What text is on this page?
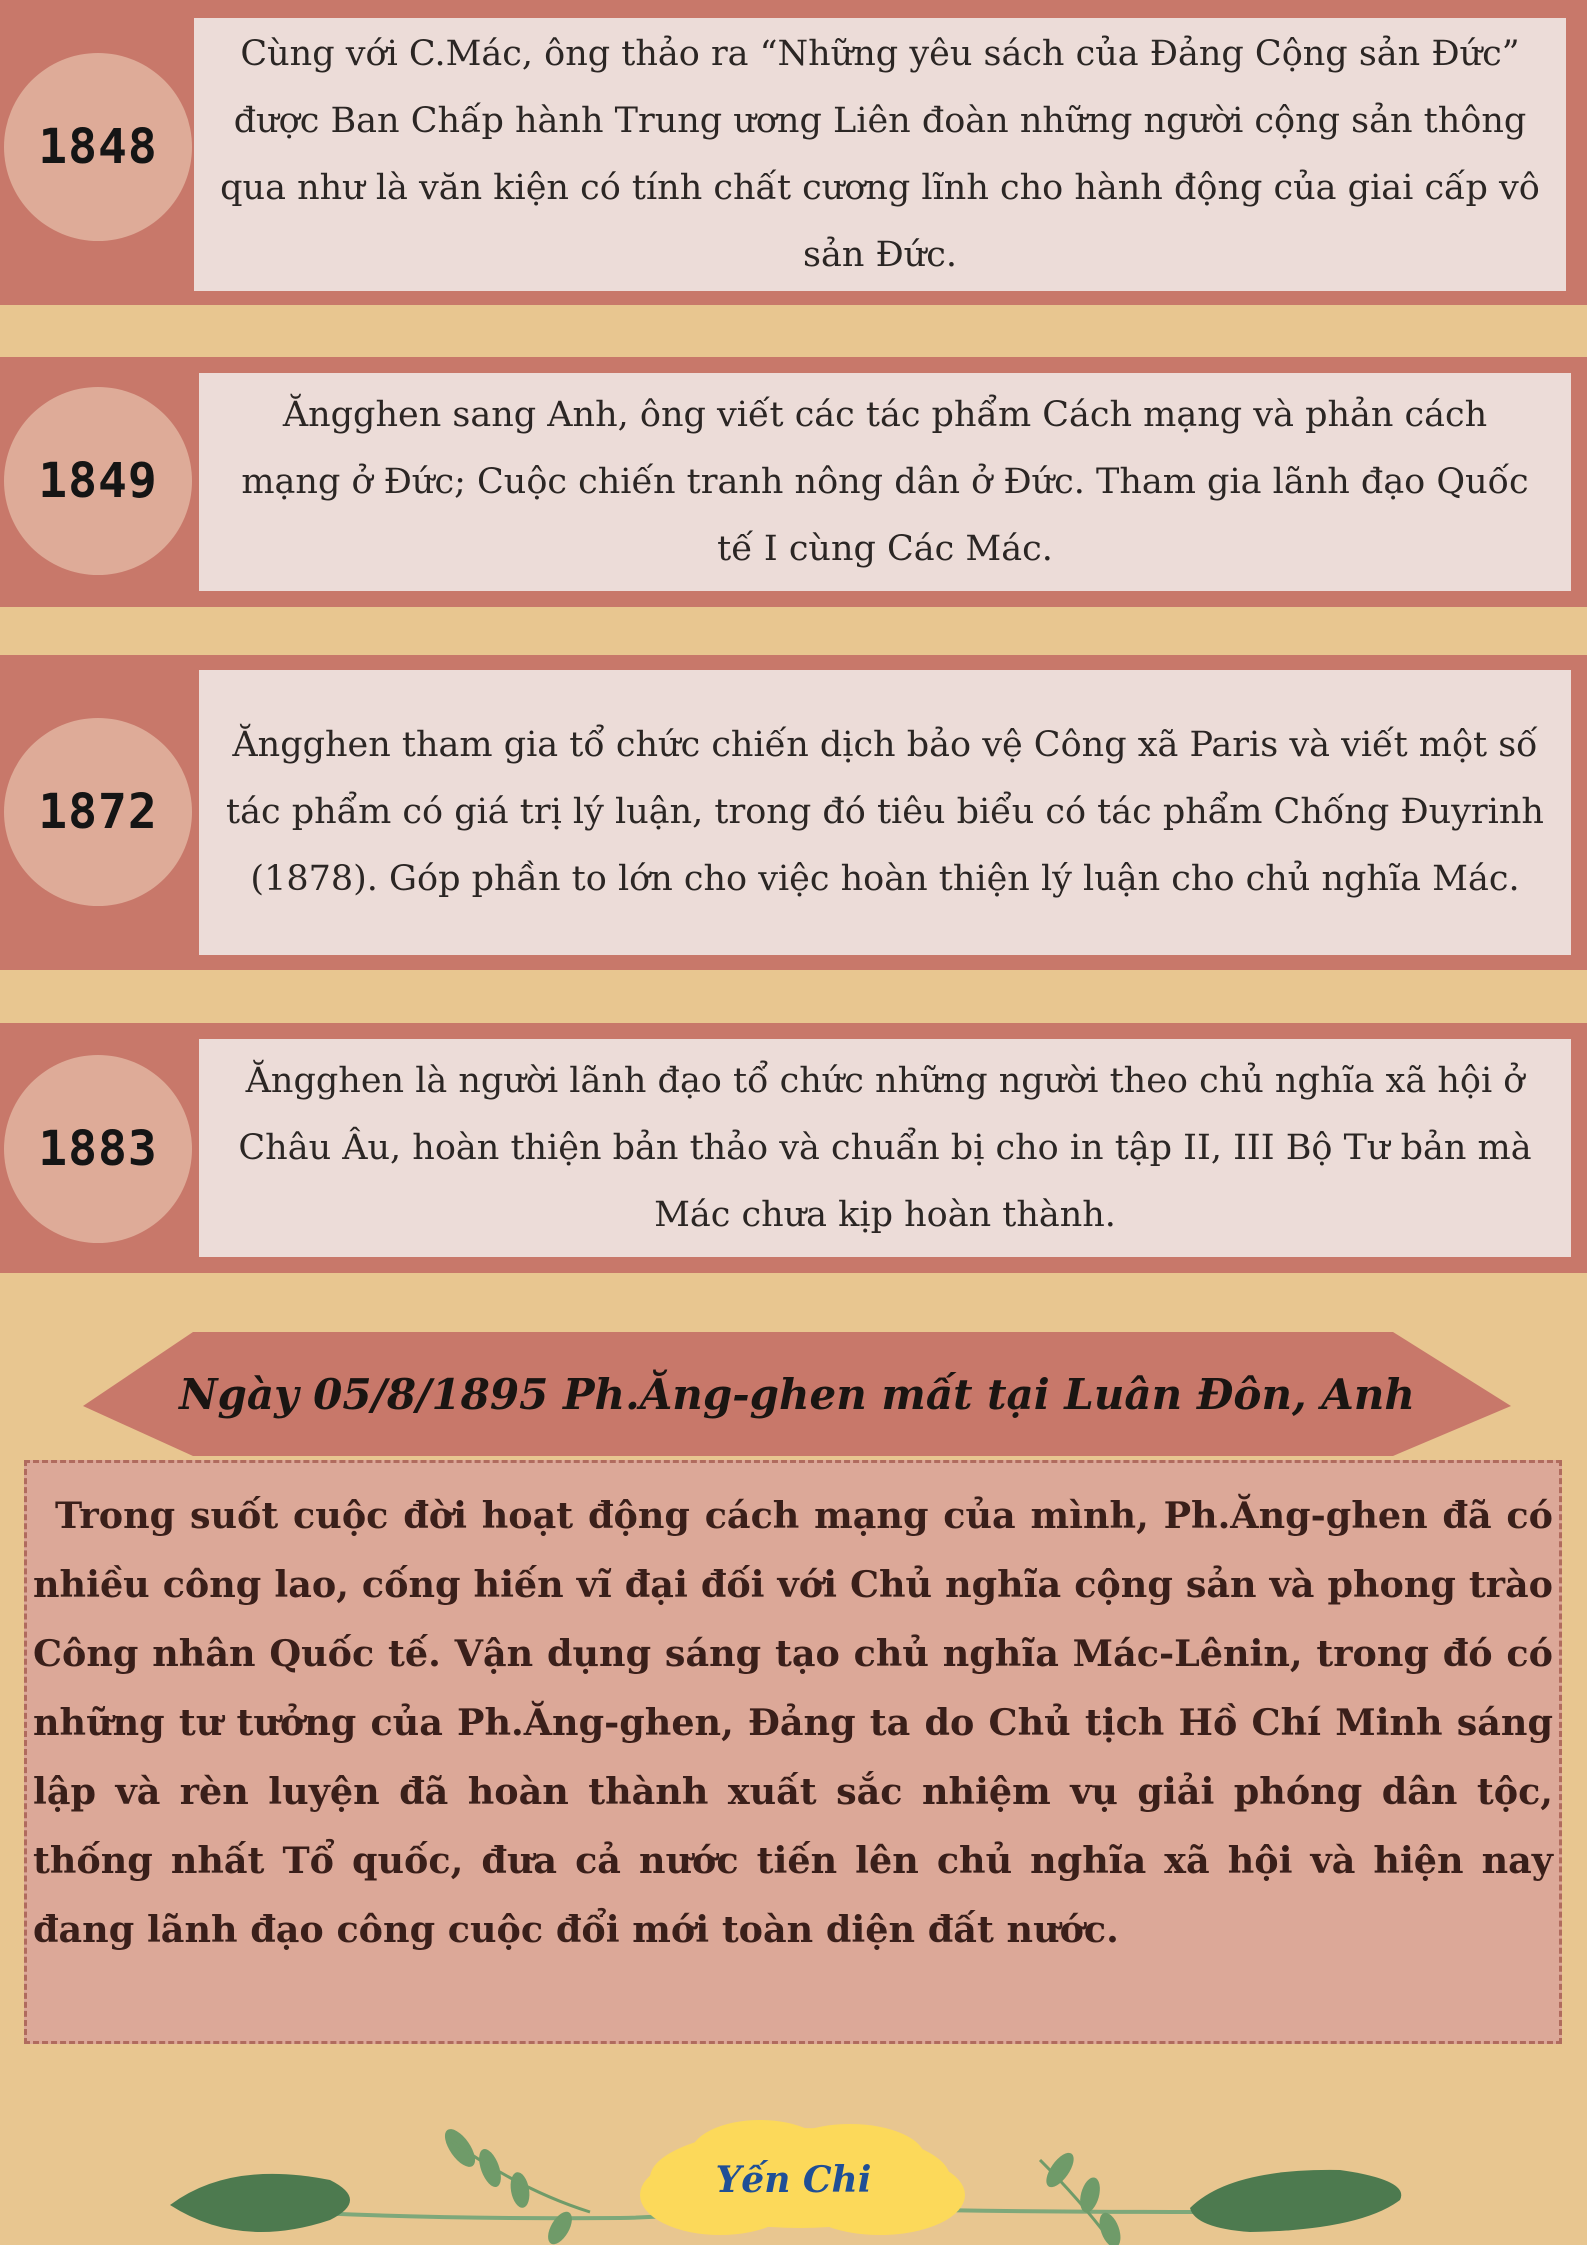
1848

Cùng với C.Mác, ông thảo ra “Những yêu sách của Đảng Cộng sản Đức” được Ban Chấp hành Trung ương Liên đoàn những người cộng sản thông qua như là văn kiện có tính chất cương lĩnh cho hành động của giai cấp vô sản Đức.

1849

Ăngghen sang Anh, ông viết các tác phẩm Cách mạng và phản cách mạng ở Đức; Cuộc chiến tranh nông dân ở Đức. Tham gia lãnh đạo Quốc tế I cùng Các Mác.

1872

Ăngghen tham gia tổ chức chiến dịch bảo vệ Công xã Paris và viết một số tác phẩm có giá trị lý luận, trong đó tiêu biểu có tác phẩm Chống Đuyrinh (1878). Góp phần to lớn cho việc hoàn thiện lý luận cho chủ nghĩa Mác.

1883

Ăngghen là người lãnh đạo tổ chức những người theo chủ nghĩa xã hội ở Châu Âu, hoàn thiện bản thảo và chuẩn bị cho in tập II, III Bộ Tư bản mà Mác chưa kịp hoàn thành.

Ngày 05/8/1895 Ph.Ăng-ghen mất tại Luân Đôn, Anh

Trong suốt cuộc đời hoạt động cách mạng của mình, Ph.Ăng-ghen đã có nhiều công lao, cống hiến vĩ đại đối với Chủ nghĩa cộng sản và phong trào Công nhân Quốc tế. Vận dụng sáng tạo chủ nghĩa Mác-Lênin, trong đó có những tư tưởng của Ph.Ăng-ghen, Đảng ta do Chủ tịch Hồ Chí Minh sáng lập và rèn luyện đã hoàn thành xuất sắc nhiệm vụ giải phóng dân tộc, thống nhất Tổ quốc, đưa cả nước tiến lên chủ nghĩa xã hội và hiện nay đang lãnh đạo công cuộc đổi mới toàn diện đất nước.

Yến Chi
